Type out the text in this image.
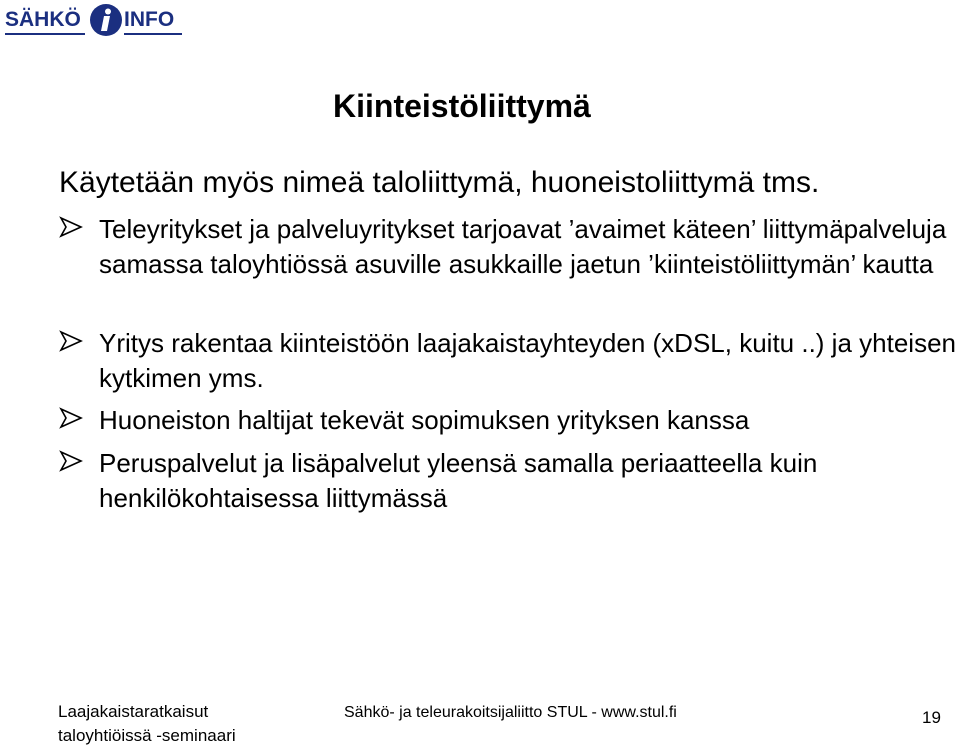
SÄHKÖ INFO
Kiinteistöliittymä

Käytetään myös nimeä taloliittymä, huoneistoliittymä tms.

Teleyritykset ja palveluyritykset tarjoavat ’avaimet käteen’ liittymäpalveluja samassa taloyhtiössä asuville asukkaille jaetun ’kiinteistöliittymän’ kautta

Yritys rakentaa kiinteistöön laajakaistayhteyden (xDSL, kuitu ..) ja yhteisen kytkimen yms.

Huoneiston haltijat tekevät sopimuksen yrityksen kanssa

Peruspalvelut ja lisäpalvelut yleensä samalla periaatteella kuin henkilökohtaisessa liittymässä

Laajakaistaratkaisut
taloyhtiöissä -seminaari

Sähkö- ja teleurakoitsijaliitto STUL - www.stul.fi	19
